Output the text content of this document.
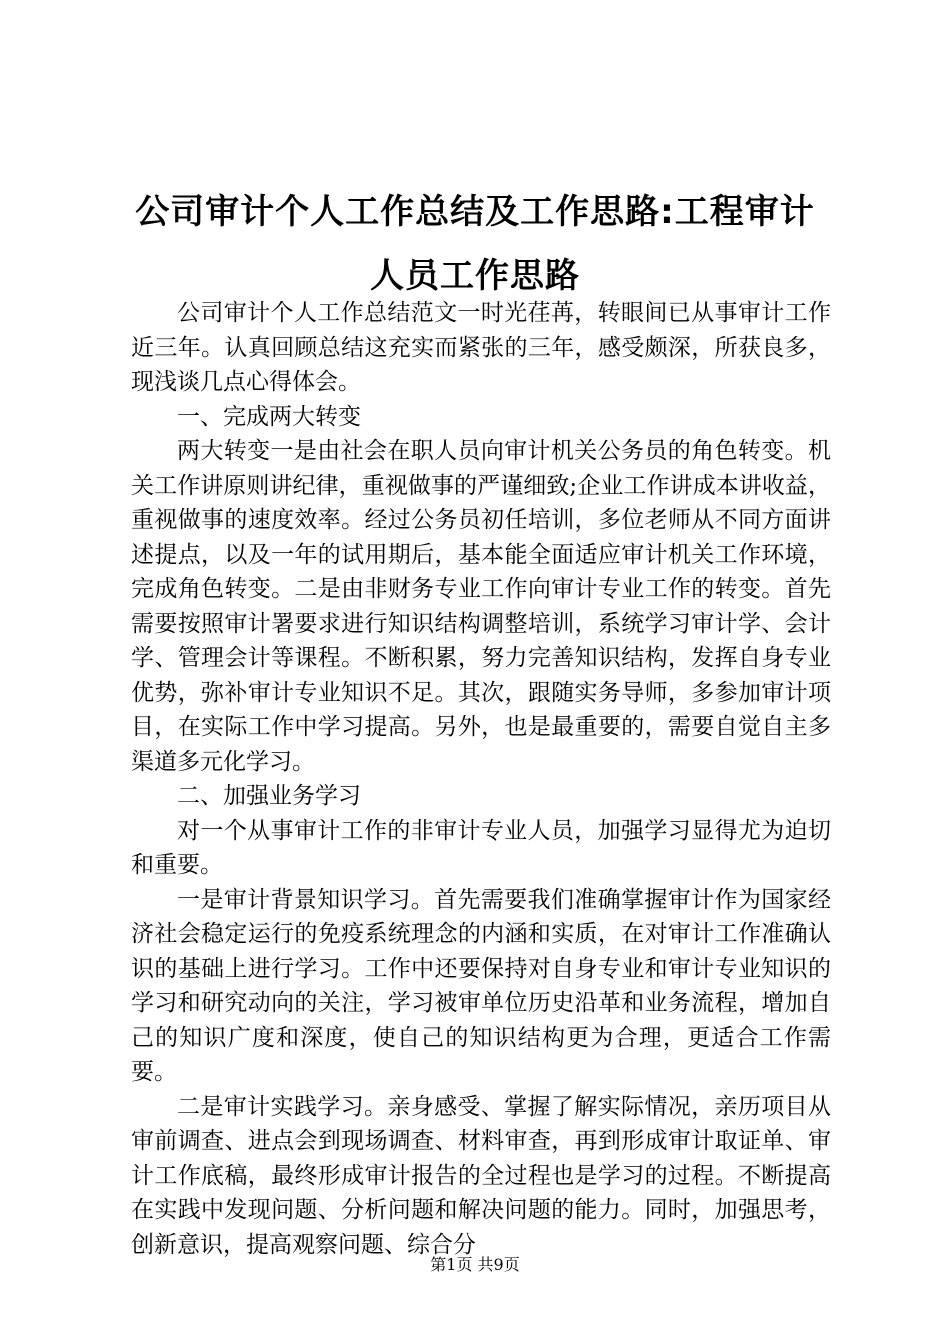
公司审计个人工作总结及工作思路:工程审计
人员工作思路

公司审计个人工作总结范文一时光荏苒，转眼间已从事审计工作近三年。认真回顾总结这充实而紧张的三年，感受颇深，所获良多，现浅谈几点心得体会。

一、完成两大转变

两大转变一是由社会在职人员向审计机关公务员的角色转变。机关工作讲原则讲纪律，重视做事的严谨细致;企业工作讲成本讲收益，重视做事的速度效率。经过公务员初任培训，多位老师从不同方面讲述提点，以及一年的试用期后，基本能全面适应审计机关工作环境，完成角色转变。二是由非财务专业工作向审计专业工作的转变。首先需要按照审计署要求进行知识结构调整培训，系统学习审计学、会计学、管理会计等课程。不断积累，努力完善知识结构，发挥自身专业优势，弥补审计专业知识不足。其次，跟随实务导师，多参加审计项目，在实际工作中学习提高。另外，也是最重要的，需要自觉自主多渠道多元化学习。

二、加强业务学习

对一个从事审计工作的非审计专业人员，加强学习显得尤为迫切和重要。

一是审计背景知识学习。首先需要我们准确掌握审计作为国家经济社会稳定运行的免疫系统理念的内涵和实质，在对审计工作准确认识的基础上进行学习。工作中还要保持对自身专业和审计专业知识的学习和研究动向的关注，学习被审单位历史沿革和业务流程，增加自己的知识广度和深度，使自己的知识结构更为合理，更适合工作需要。

二是审计实践学习。亲身感受、掌握了解实际情况，亲历项目从审前调查、进点会到现场调查、材料审查，再到形成审计取证单、审计工作底稿，最终形成审计报告的全过程也是学习的过程。不断提高在实践中发现问题、分析问题和解决问题的能力。同时，加强思考，创新意识，提高观察问题、综合分

第1页 共9页
